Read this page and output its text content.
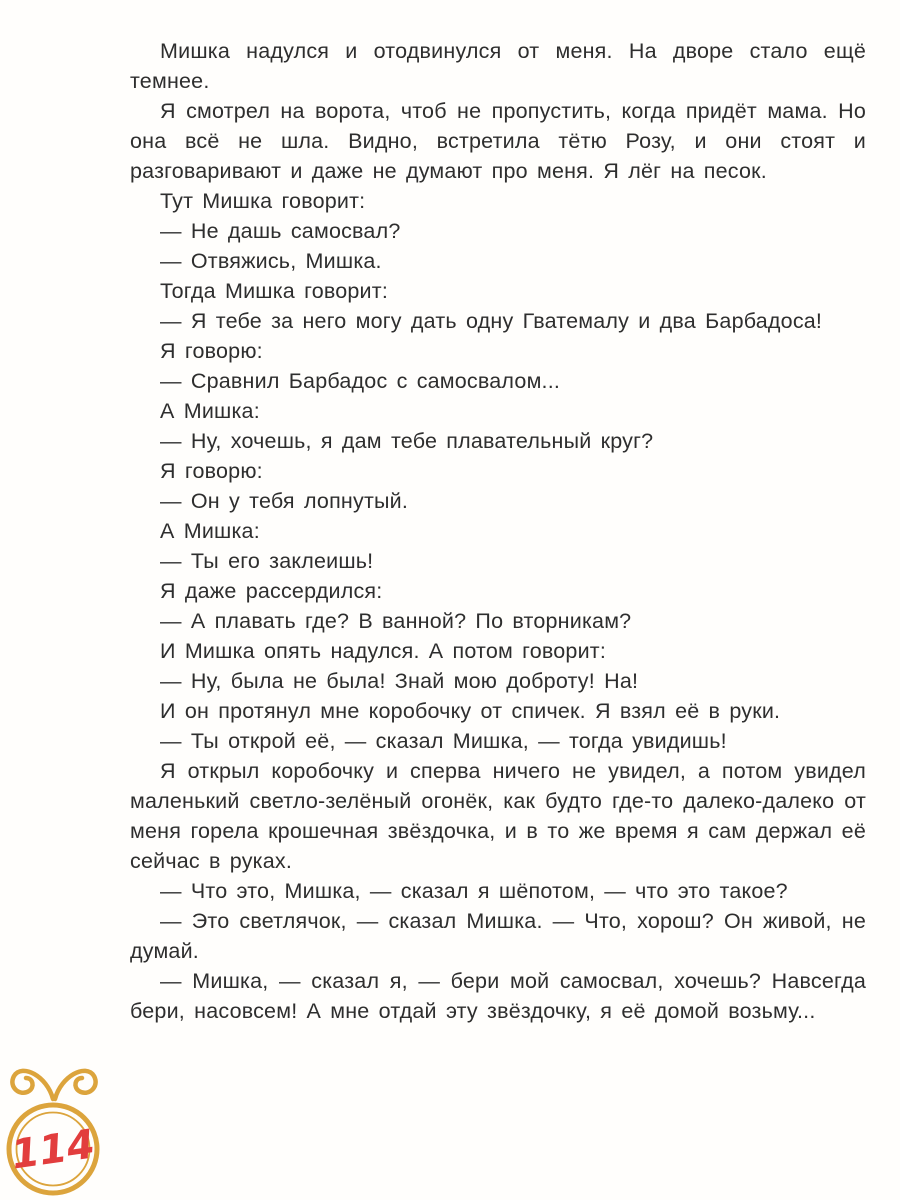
Мишка надулся и отодвинулся от меня. На дворе стало ещё темнее.

Я смотрел на ворота, чтоб не пропустить, когда придёт мама. Но она всё не шла. Видно, встретила тётю Розу, и они стоят и разговаривают и даже не думают про меня. Я лёг на песок.

Тут Мишка говорит:

— Не дашь самосвал?

— Отвяжись, Мишка.

Тогда Мишка говорит:

— Я тебе за него могу дать одну Гватемалу и два Барбадоса!

Я говорю:

— Сравнил Барбадос с самосвалом...

А Мишка:

— Ну, хочешь, я дам тебе плавательный круг?

Я говорю:

— Он у тебя лопнутый.

А Мишка:

— Ты его заклеишь!

Я даже рассердился:

— А плавать где? В ванной? По вторникам?

И Мишка опять надулся. А потом говорит:

— Ну, была не была! Знай мою доброту! На!

И он протянул мне коробочку от спичек. Я взял её в руки.

— Ты открой её, — сказал Мишка, — тогда увидишь!

Я открыл коробочку и сперва ничего не увидел, а потом увидел маленький светло-зелёный огонёк, как будто где-то далеко-далеко от меня горела крошечная звёздочка, и в то же время я сам держал её сейчас в руках.

— Что это, Мишка, — сказал я шёпотом, — что это такое?

— Это светлячок, — сказал Мишка. — Что, хорош? Он живой, не думай.

— Мишка, — сказал я, — бери мой самосвал, хочешь? Навсегда бери, насовсем! А мне отдай эту звёздочку, я её домой возьму...

114
